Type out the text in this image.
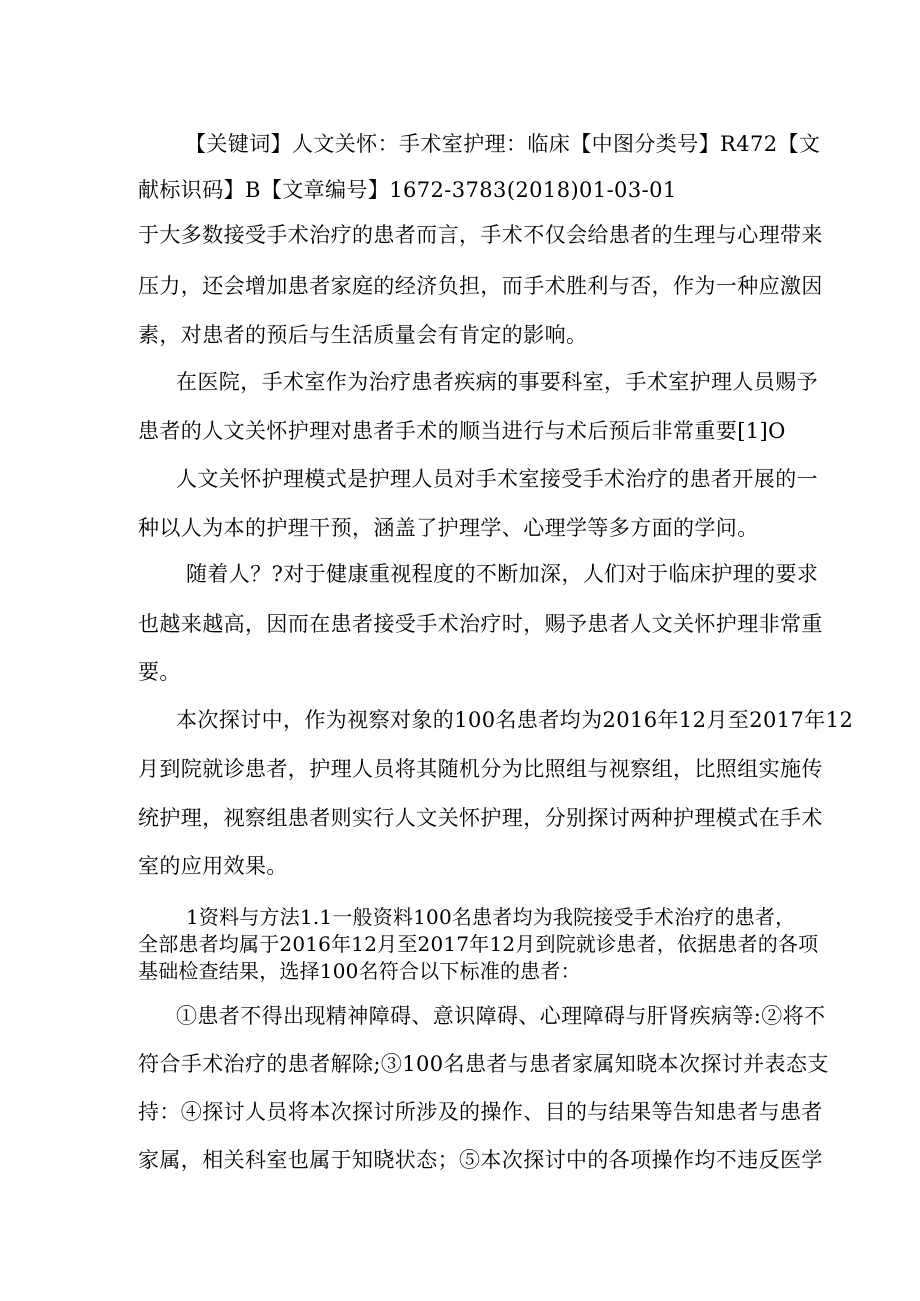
【关键词】人文关怀：手术室护理：临床【中图分类号】R472【文
献标识码】B【文章编号】1672-3783(2018)01-03-01
于大多数接受手术治疗的患者而言，手术不仅会给患者的生理与心理带来
压力，还会增加患者家庭的经济负担，而手术胜利与否，作为一种应激因
素，对患者的预后与生活质量会有肯定的影响。
在医院，手术室作为治疗患者疾病的事要科室，手术室护理人员赐予
患者的人文关怀护理对患者手术的顺当进行与术后预后非常重要[1]O
人文关怀护理模式是护理人员对手术室接受手术治疗的患者开展的一
种以人为本的护理干预，涵盖了护理学、心理学等多方面的学问。
随着人？?对于健康重视程度的不断加深，人们对于临床护理的要求
也越来越高，因而在患者接受手术治疗时，赐予患者人文关怀护理非常重
要。
本次探讨中，作为视察对象的100名患者均为2016年12月至2017年12
月到院就诊患者，护理人员将其随机分为比照组与视察组，比照组实施传
统护理，视察组患者则实行人文关怀护理，分别探讨两种护理模式在手术
室的应用效果。
1资料与方法1.1一般资料100名患者均为我院接受手术治疗的患者，
全部患者均属于2016年12月至2017年12月到院就诊患者，依据患者的各项
基础检查结果，选择100名符合以下标准的患者：
①患者不得出现精神障碍、意识障碍、心理障碍与肝肾疾病等:②将不
符合手术治疗的患者解除;③100名患者与患者家属知晓本次探讨并表态支
持：④探讨人员将本次探讨所涉及的操作、目的与结果等告知患者与患者
家属，相关科室也属于知晓状态；⑤本次探讨中的各项操作均不违反医学
